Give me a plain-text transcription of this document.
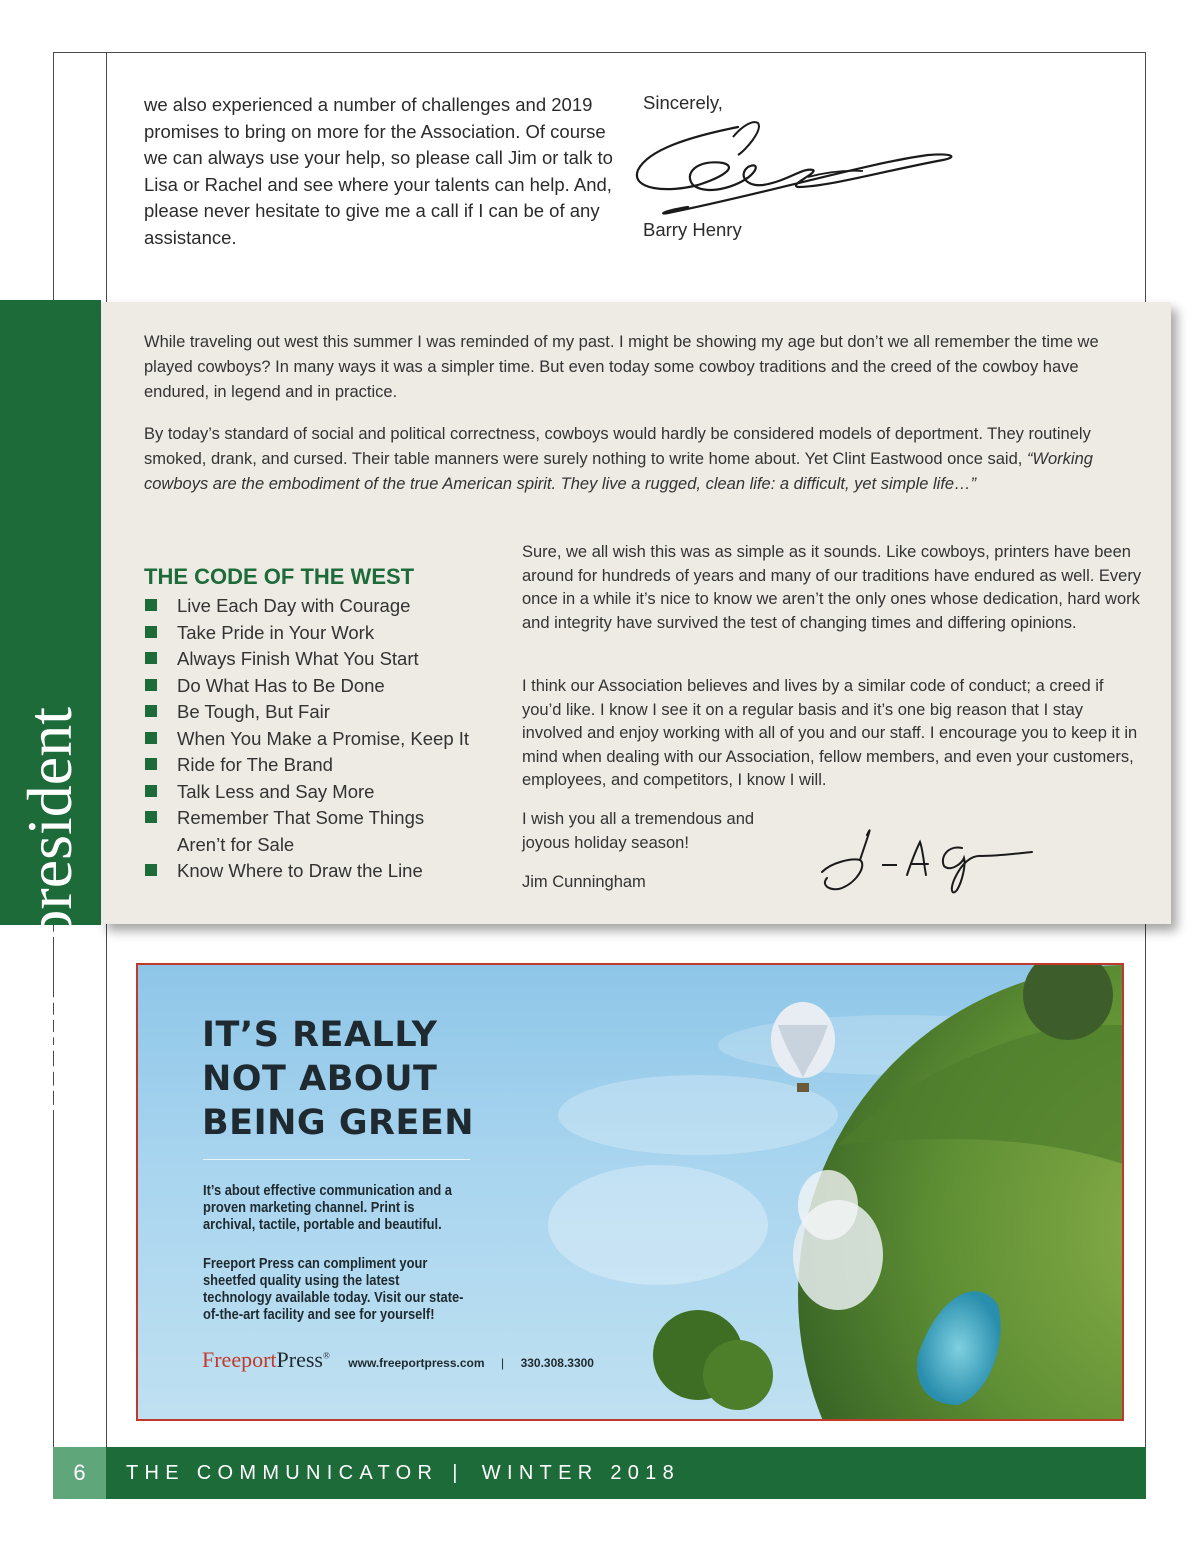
we also experienced a number of challenges and 2019 promises to bring on more for the Association. Of course we can always use your help, so please call Jim or talk to Lisa or Rachel and see where your talents can help. And, please never hesitate to give me a call if I can be of any assistance.

Sincerely,
Barry Henry
fromTHEpresident

While traveling out west this summer I was reminded of my past. I might be showing my age but don’t we all remember the time we played cowboys? In many ways it was a simpler time. But even today some cowboy traditions and the creed of the cowboy have endured, in legend and in practice.

By today’s standard of social and political correctness, cowboys would hardly be considered models of deportment. They routinely smoked, drank, and cursed. Their table manners were surely nothing to write home about. Yet Clint Eastwood once said, “Working cowboys are the embodiment of the true American spirit. They live a rugged, clean life: a difficult, yet simple life…”

THE CODE OF THE WEST
Live Each Day with Courage
Take Pride in Your Work
Always Finish What You Start
Do What Has to Be Done
Be Tough, But Fair
When You Make a Promise, Keep It
Ride for The Brand
Talk Less and Say More
Remember That Some Things Aren’t for Sale
Know Where to Draw the Line

Sure, we all wish this was as simple as it sounds. Like cowboys, printers have been around for hundreds of years and many of our traditions have endured as well. Every once in a while it’s nice to know we aren’t the only ones whose dedication, hard work and integrity have survived the test of changing times and differing opinions.

I think our Association believes and lives by a similar code of conduct; a creed if you’d like. I know I see it on a regular basis and it’s one big reason that I stay involved and enjoy working with all of you and our staff. I encourage you to keep it in mind when dealing with our Association, fellow members, and even your customers, employees, and competitors, I know I will.

I wish you all a tremendous and joyous holiday season!

Jim Cunningham
IT’S REALLY
NOT ABOUT
BEING GREEN
It’s about effective communication and a proven marketing channel. Print is archival, tactile, portable and beautiful.
Freeport Press can compliment your sheetfed quality using the latest technology available today. Visit our state-of-the-art facility and see for yourself!
FreeportPress® www.freeportpress.com | 330.308.3300
6	THE COMMUNICATOR | WINTER 2018
